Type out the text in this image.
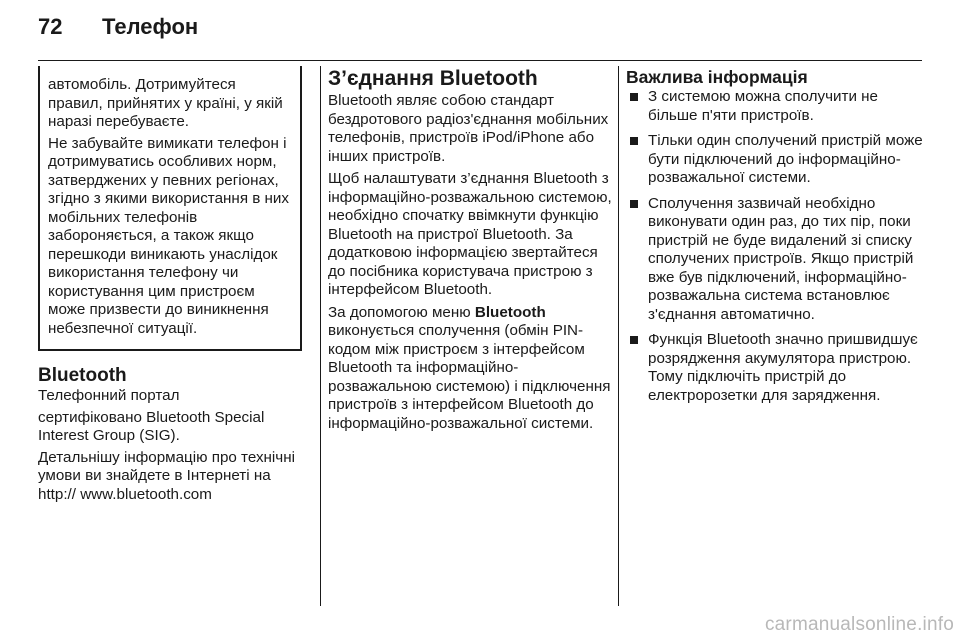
72	Телефон

автомобіль. Дотримуйтеся правил, прийнятих у країні, у якій наразі перебуваєте.

Не забувайте вимикати телефон і дотримуватись особливих норм, затверджених у певних регіонах, згідно з якими використання в них мобільних телефонів забороняється, а також якщо перешкоди виникають унаслідок використання телефону чи користування цим пристроєм може призвести до виникнення небезпечної ситуації.

Bluetooth
Телефонний портал

сертифіковано Bluetooth Special Interest Group (SIG).

Детальнішу інформацію про технічні умови ви знайдете в Інтернеті на http:// www.bluetooth.com

З’єднання Bluetooth

Bluetooth являє собою стандарт бездротового радіоз'єднання мобільних телефонів, пристроїв iPod/iPhone або інших пристроїв.

Щоб налаштувати з’єднання Bluetooth з інформаційно-розважальною системою, необхідно спочатку ввімкнути функцію Bluetooth на пристрої Bluetooth. За додатковою інформацією звертайтеся до посібника користувача пристрою з інтерфейсом Bluetooth.

За допомогою меню Bluetooth виконується сполучення (обмін PIN-кодом між пристроєм з інтерфейсом Bluetooth та інформаційно-розважальною системою) і підключення пристроїв з інтерфейсом Bluetooth до інформаційно-розважальної системи.

Важлива інформація
З системою можна сполучити не більше п'яти пристроїв.
Тільки один сполучений пристрій може бути підключений до інформаційно-розважальної системи.
Сполучення зазвичай необхідно виконувати один раз, до тих пір, поки пристрій не буде видалений зі списку сполучених пристроїв. Якщо пристрій вже був підключений, інформаційно-розважальна система встановлює з'єднання автоматично.
Функція Bluetooth значно пришвидшує розрядження акумулятора пристрою. Тому підключіть пристрій до електророзетки для зарядження.
carmanualsonline.info
